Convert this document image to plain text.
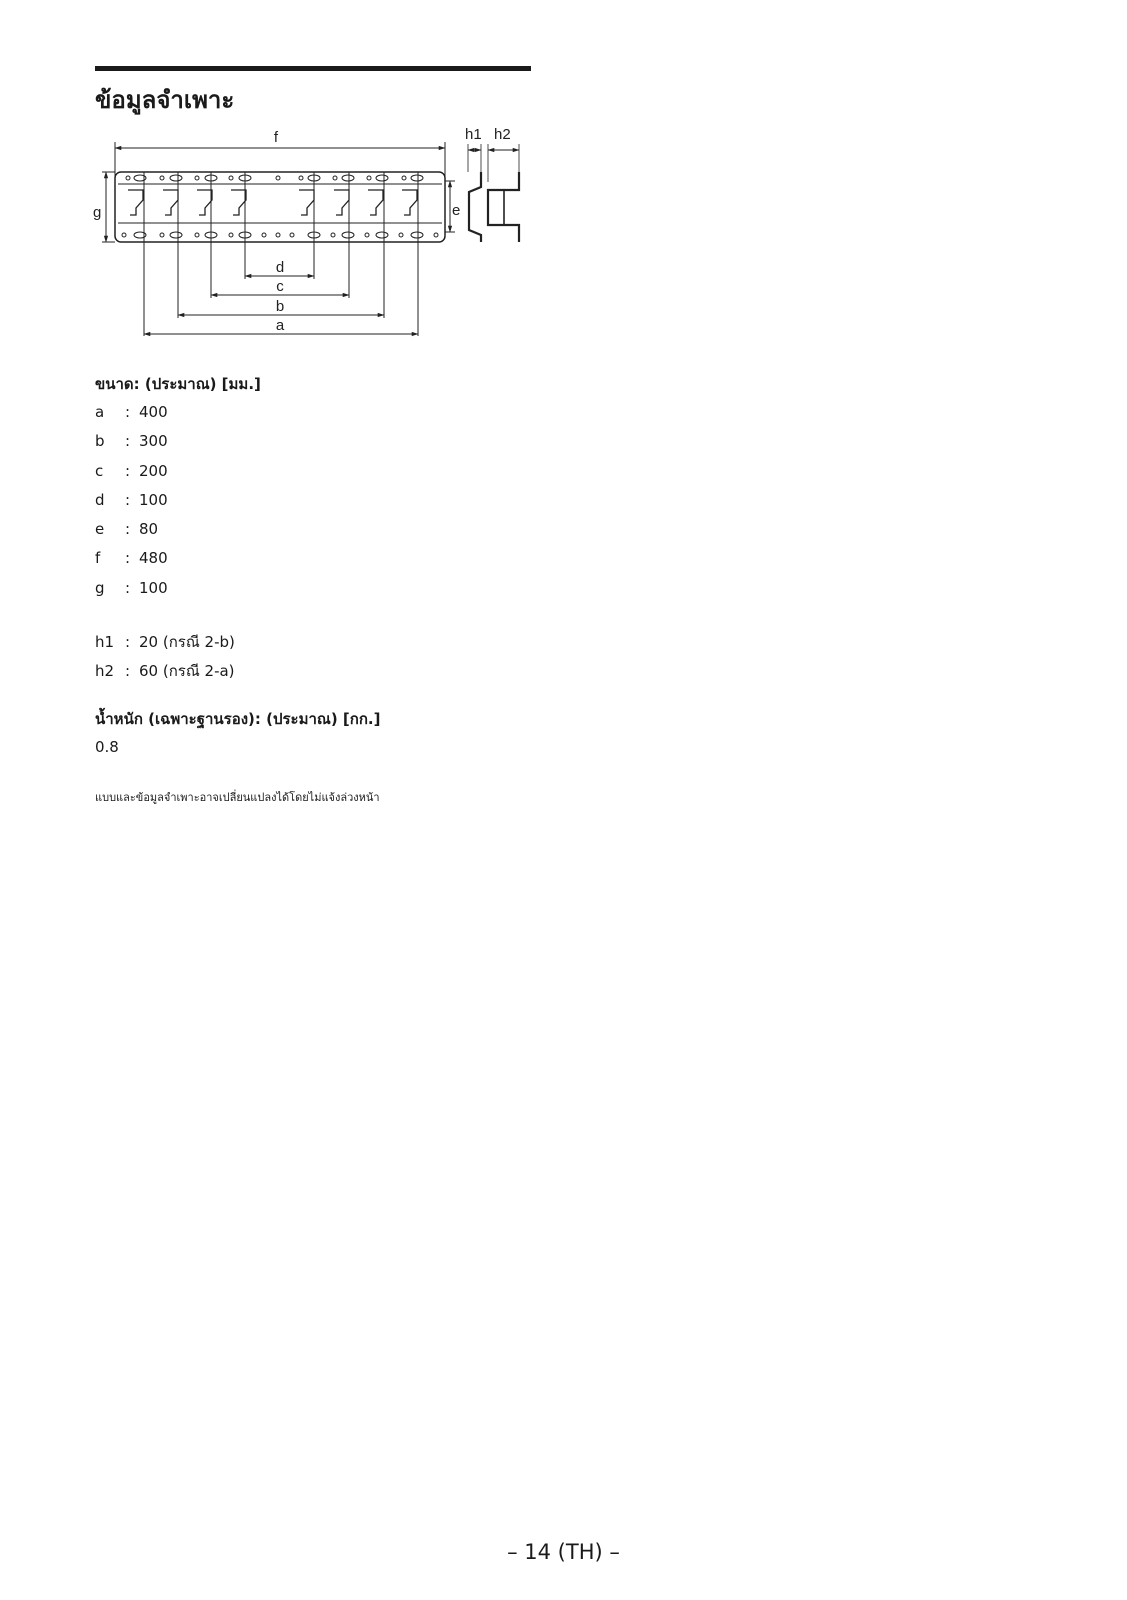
ข้อมูลจำเพาะ
f
g	e
h1 h2
d
c
b
a
ขนาด: (ประมาณ) [มม.]
a : 400
b : 300
c : 200
d : 100
e : 80
f : 480
g : 100
h1 : 20 (กรณี 2-b)
h2 : 60 (กรณี 2-a)
น้ำหนัก (เฉพาะฐานรอง): (ประมาณ) [กก.]
0.8
แบบและข้อมูลจำเพาะอาจเปลี่ยนแปลงได้โดยไม่แจ้งล่วงหน้า
– 14 (TH) –
